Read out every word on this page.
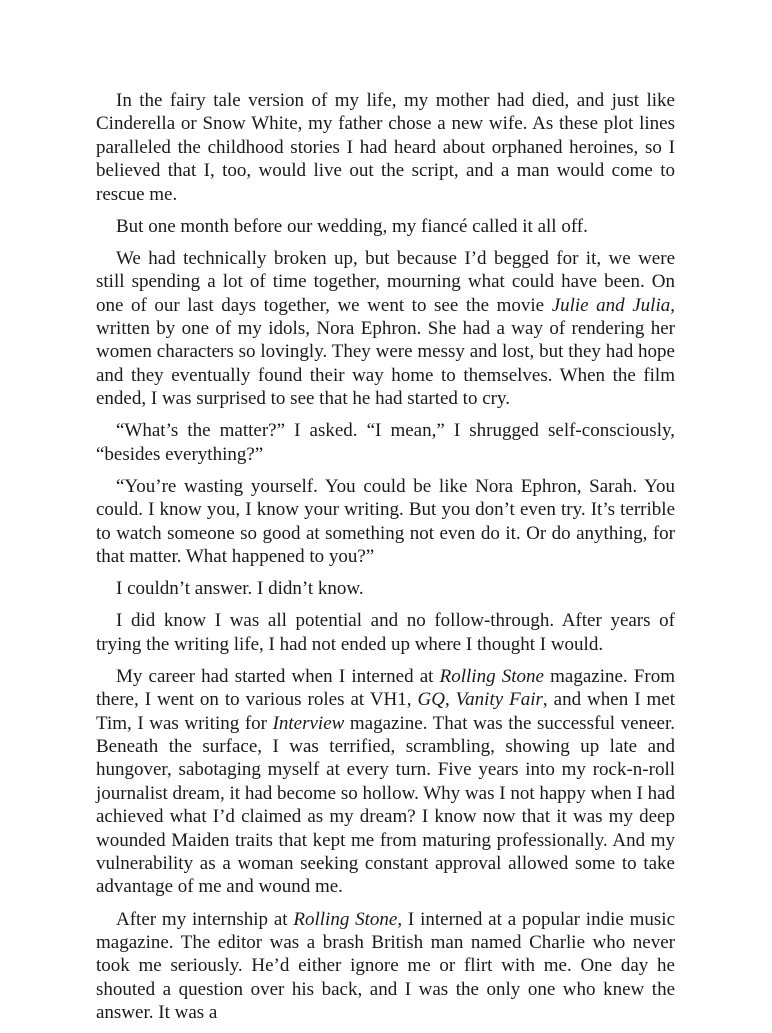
In the fairy tale version of my life, my mother had died, and just like Cinderella or Snow White, my father chose a new wife. As these plot lines paralleled the childhood stories I had heard about orphaned heroines, so I believed that I, too, would live out the script, and a man would come to rescue me.

But one month before our wedding, my fiancé called it all off.

We had technically broken up, but because I’d begged for it, we were still spending a lot of time together, mourning what could have been. On one of our last days together, we went to see the movie Julie and Julia, written by one of my idols, Nora Ephron. She had a way of rendering her women characters so lovingly. They were messy and lost, but they had hope and they eventually found their way home to themselves. When the film ended, I was surprised to see that he had started to cry.

“What’s the matter?” I asked. “I mean,” I shrugged self-consciously, “besides everything?”

“You’re wasting yourself. You could be like Nora Ephron, Sarah. You could. I know you, I know your writing. But you don’t even try. It’s terrible to watch someone so good at something not even do it. Or do anything, for that matter. What happened to you?”

I couldn’t answer. I didn’t know.

I did know I was all potential and no follow-through. After years of trying the writing life, I had not ended up where I thought I would.

My career had started when I interned at Rolling Stone magazine. From there, I went on to various roles at VH1, GQ, Vanity Fair, and when I met Tim, I was writing for Interview magazine. That was the successful veneer. Beneath the surface, I was terrified, scrambling, showing up late and hungover, sabotaging myself at every turn. Five years into my rock-n-roll journalist dream, it had become so hollow. Why was I not happy when I had achieved what I’d claimed as my dream? I know now that it was my deep wounded Maiden traits that kept me from maturing professionally. And my vulnerability as a woman seeking constant approval allowed some to take advantage of me and wound me.

After my internship at Rolling Stone, I interned at a popular indie music magazine. The editor was a brash British man named Charlie who never took me seriously. He’d either ignore me or flirt with me. One day he shouted a question over his back, and I was the only one who knew the answer. It was a
